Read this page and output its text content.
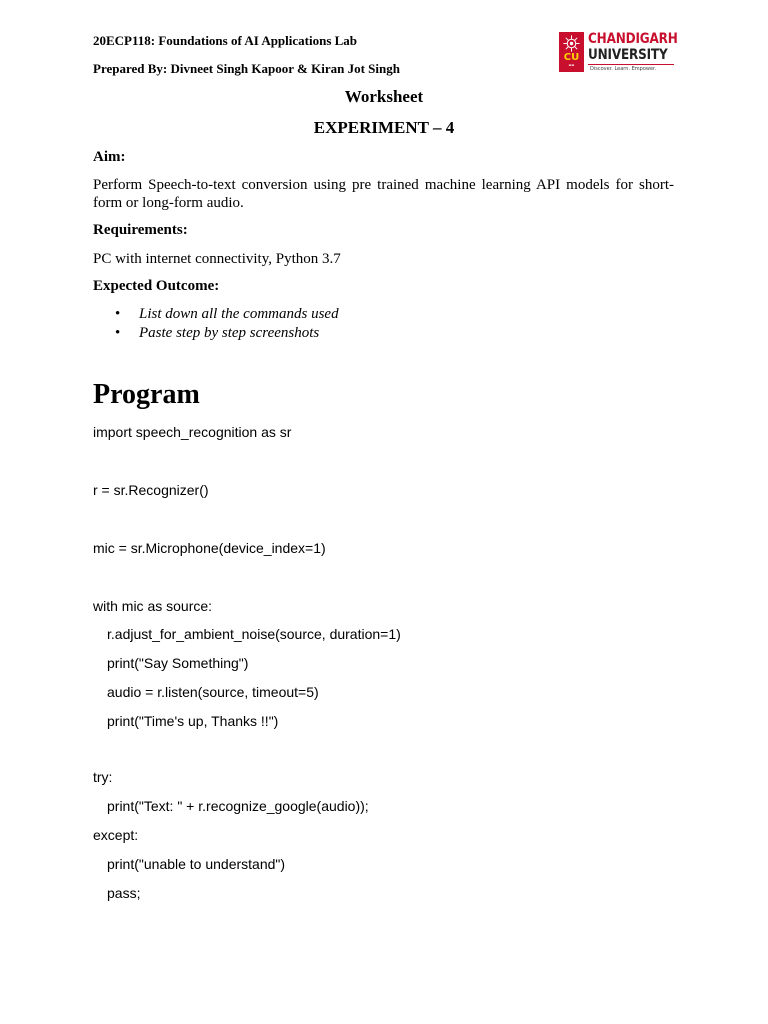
20ECP118: Foundations of AI Applications Lab
Prepared By: Divneet Singh Kapoor & Kiran Jot Singh
CU
▬▬
CHANDIGARH
UNIVERSITY
Discover. Learn. Empower.
Worksheet
EXPERIMENT – 4
Aim:
Perform Speech-to-text conversion using pre trained machine learning API models for short-form or long-form audio.
Requirements:
PC with internet connectivity, Python 3.7
Expected Outcome:
• List down all the commands used
• Paste step by step screenshots
Program
import speech_recognition as sr
r = sr.Recognizer()
mic = sr.Microphone(device_index=1)
with mic as source:
r.adjust_for_ambient_noise(source, duration=1)
print("Say Something")
audio = r.listen(source, timeout=5)
print("Time's up, Thanks !!")
try:
print("Text: " + r.recognize_google(audio));
except:
print("unable to understand")
pass;
